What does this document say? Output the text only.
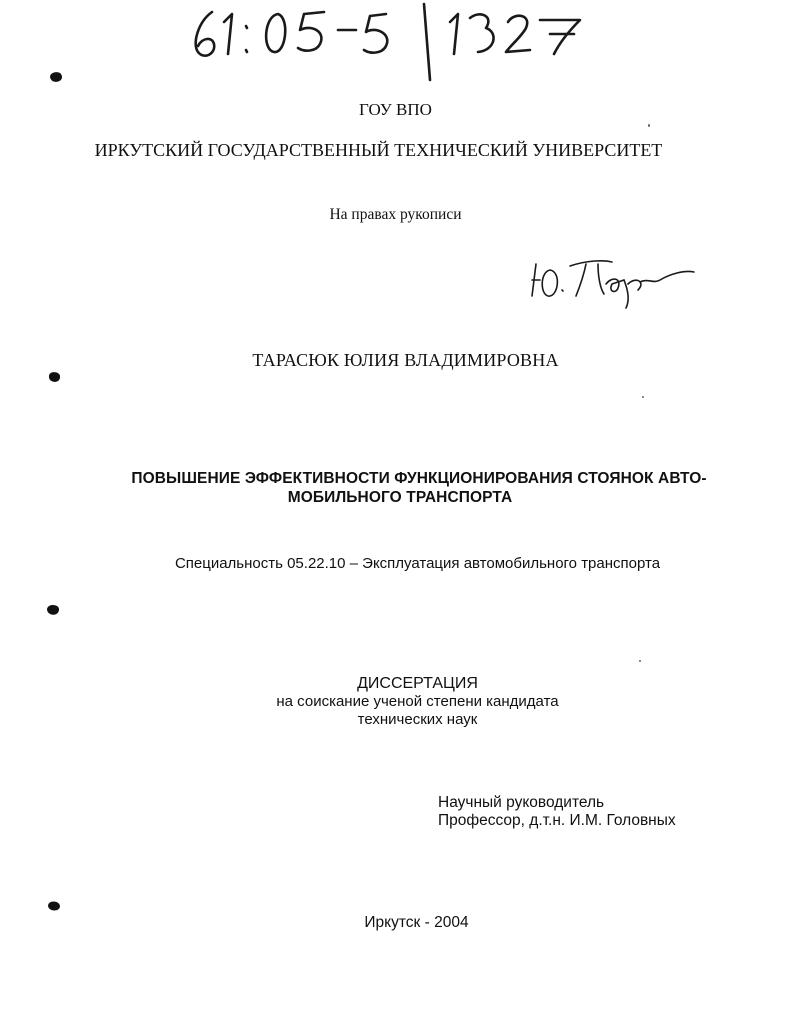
ГОУ ВПО
ИРКУТСКИЙ ГОСУДАРСТВЕННЫЙ ТЕХНИЧЕСКИЙ УНИВЕРСИТЕТ
На правах рукописи
ТАРАСЮК ЮЛИЯ ВЛАДИМИРОВНА
ПОВЫШЕНИЕ ЭФФЕКТИВНОСТИ ФУНКЦИОНИРОВАНИЯ СТОЯНОК АВТО-
МОБИЛЬНОГО ТРАНСПОРТА
Специальность 05.22.10 – Эксплуатация автомобильного транспорта
ДИССЕРТАЦИЯ
на соискание ученой степени кандидата
технических наук
Научный руководитель
Профессор, д.т.н. И.М. Головных
Иркутск - 2004
